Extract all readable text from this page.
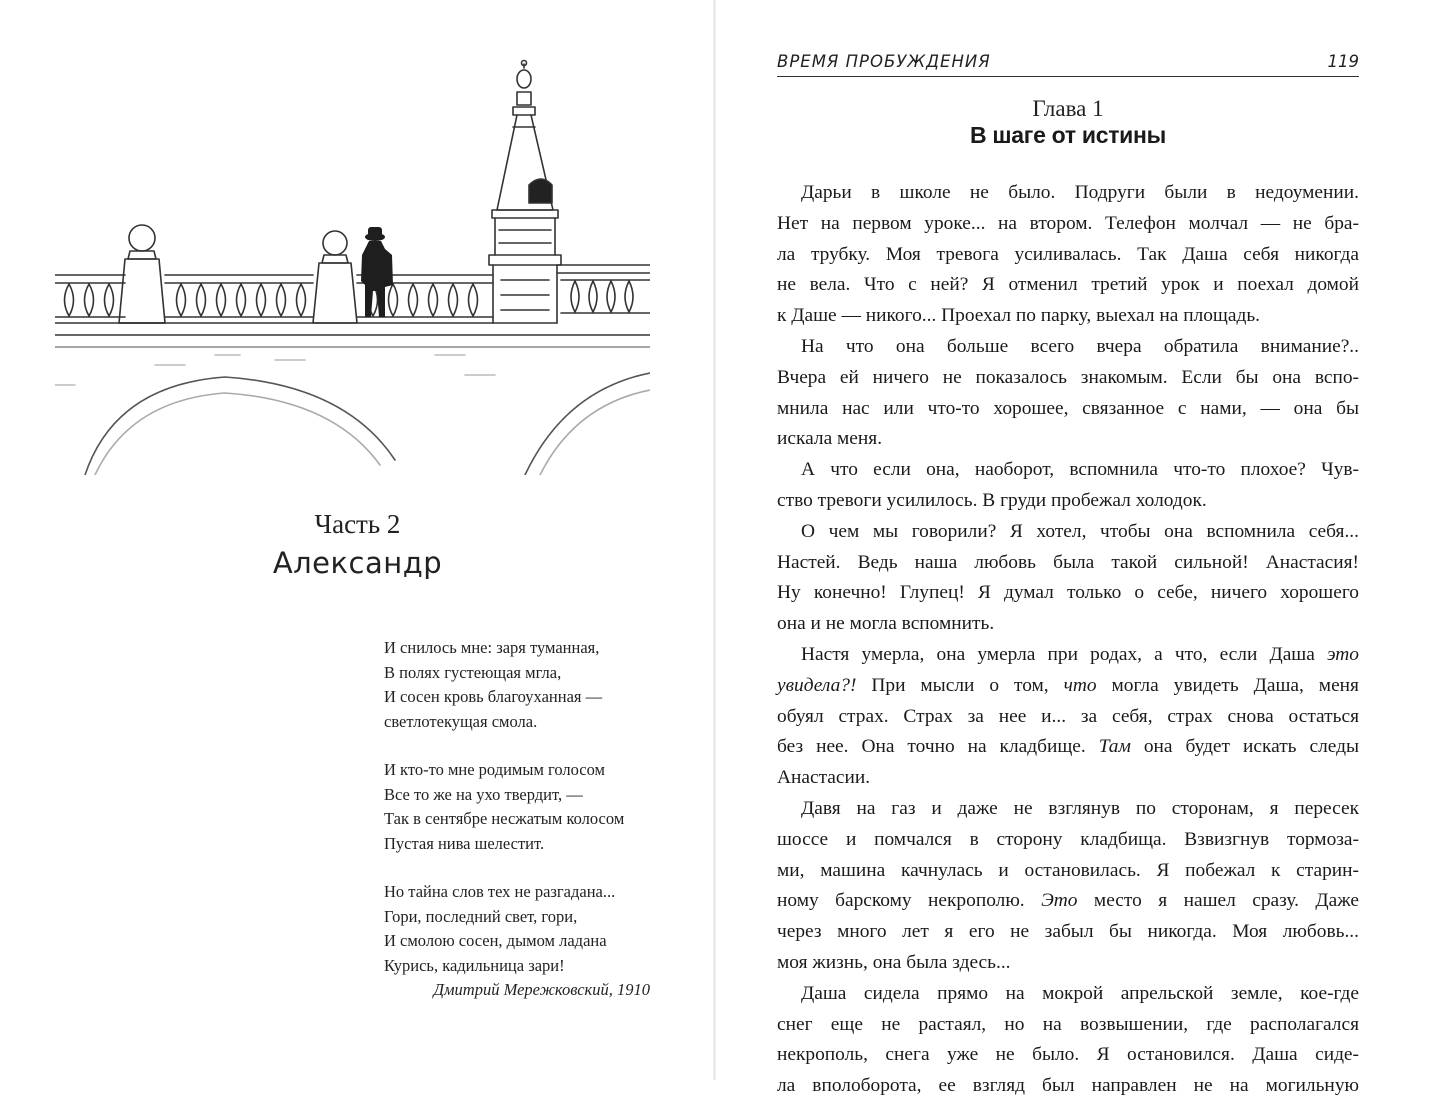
Часть 2
Александр
И снилось мне: заря туманная,
В полях густеющая мгла,
И сосен кровь благоуханная —
светлотекущая смола.
И кто-то мне родимым голосом
Все то же на ухо твердит, —
Так в сентябре несжатым колосом
Пустая нива шелестит.
Но тайна слов тех не разгадана...
Гори, последний свет, гори,
И смолою сосен, дымом ладана
Курись, кадильница зари!
Дмитрий Мережковский, 1910
ВРЕМЯ ПРОБУЖДЕНИЯ	119
Глава 1
В шаге от истины

Дарьи в школе не было. Подруги были в недоумении.
Нет на первом уроке... на втором. Телефон молчал — не бра-
ла трубку. Моя тревога усиливалась. Так Даша себя никогда
не вела. Что с ней? Я отменил третий урок и поехал домой
к Даше — никого... Проехал по парку, выехал на площадь.

На что она больше всего вчера обратила внимание?..
Вчера ей ничего не показалось знакомым. Если бы она вспо-
мнила нас или что-то хорошее, связанное с нами, — она бы
искала меня.

А что если она, наоборот, вспомнила что-то плохое? Чув-
ство тревоги усилилось. В груди пробежал холодок.

О чем мы говорили? Я хотел, чтобы она вспомнила себя...
Настей. Ведь наша любовь была такой сильной! Анастасия!
Ну конечно! Глупец! Я думал только о себе, ничего хорошего
она и не могла вспомнить.

Настя умерла, она умерла при родах, а что, если Даша это
увидела?! При мысли о том, что могла увидеть Даша, меня
обуял страх. Страх за нее и... за себя, страх снова остаться
без нее. Она точно на кладбище. Там она будет искать следы
Анастасии.

Давя на газ и даже не взглянув по сторонам, я пересек
шоссе и помчался в сторону кладбища. Взвизгнув тормоза-
ми, машина качнулась и остановилась. Я побежал к старин-
ному барскому некрополю. Это место я нашел сразу. Даже
через много лет я его не забыл бы никогда. Моя любовь...
моя жизнь, она была здесь...

Даша сидела прямо на мокрой апрельской земле, кое-где
снег еще не растаял, но на возвышении, где располагался
некрополь, снега уже не было. Я остановился. Даша сиде-
ла вполоборота, ее взгляд был направлен не на могильную
